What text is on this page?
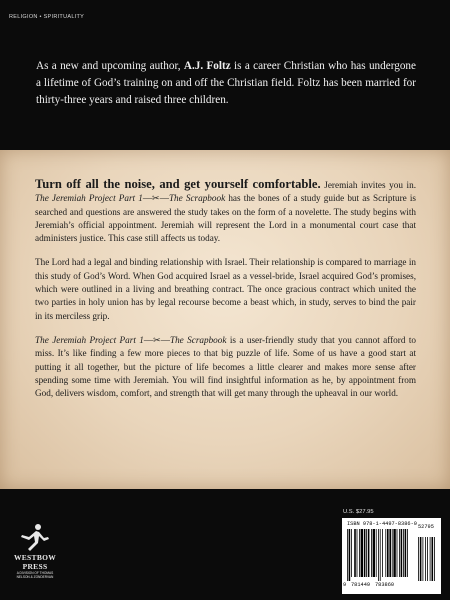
RELIGION • SPIRITUALITY
As a new and upcoming author, A.J. Foltz is a career Christian who has undergone a lifetime of God’s training on and off the Christian field. Foltz has been married for thirty-three years and raised three children.

Turn off all the noise, and get yourself comfortable. Jeremiah invites you in. The Jeremiah Project Part 1—✂—The Scrapbook has the bones of a study guide but as Scripture is searched and questions are answered the study takes on the form of a novelette. The study begins with Jeremiah’s official appointment. Jeremiah will represent the Lord in a monumental court case that administers justice. This case still affects us today.

The Lord had a legal and binding relationship with Israel. Their relationship is compared to marriage in this study of God’s Word. When God acquired Israel as a vessel-bride, Israel acquired God’s promises, which were outlined in a living and breathing contract. The once gracious contract which united the two parties in holy union has by legal recourse become a beast which, in study, serves to bind the pair in its merciless grip.

The Jeremiah Project Part 1—✂—The Scrapbook is a user-friendly study that you cannot afford to miss. It’s like finding a few more pieces to that big puzzle of life. Some of us have a good start at putting it all together, but the picture of life becomes a little clearer and makes more sense after spending some time with Jeremiah. You will find insightful information as he, by appointment from God, delivers wisdom, comfort, and strength that will get many through the upheaval in our world.

WESTBOW PRESS
A DIVISION OF THOMAS NELSON & ZONDERVAN
U.S. $27.95
ISBN 978-1-4497-8386-0
9 781449 783860
52795
